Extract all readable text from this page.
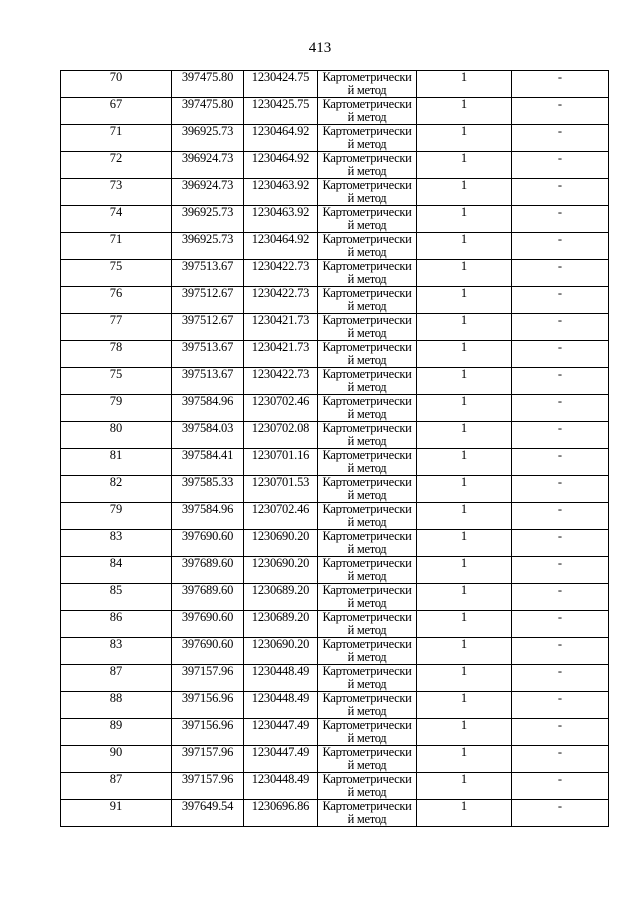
413
70	397475.80	1230424.75	Картометрически
й метод	1	-
67	397475.80	1230425.75	Картометрически
й метод	1	-
71	396925.73	1230464.92	Картометрически
й метод	1	-
72	396924.73	1230464.92	Картометрически
й метод	1	-
73	396924.73	1230463.92	Картометрически
й метод	1	-
74	396925.73	1230463.92	Картометрически
й метод	1	-
71	396925.73	1230464.92	Картометрически
й метод	1	-
75	397513.67	1230422.73	Картометрически
й метод	1	-
76	397512.67	1230422.73	Картометрически
й метод	1	-
77	397512.67	1230421.73	Картометрически
й метод	1	-
78	397513.67	1230421.73	Картометрически
й метод	1	-
75	397513.67	1230422.73	Картометрически
й метод	1	-
79	397584.96	1230702.46	Картометрически
й метод	1	-
80	397584.03	1230702.08	Картометрически
й метод	1	-
81	397584.41	1230701.16	Картометрически
й метод	1	-
82	397585.33	1230701.53	Картометрически
й метод	1	-
79	397584.96	1230702.46	Картометрически
й метод	1	-
83	397690.60	1230690.20	Картометрически
й метод	1	-
84	397689.60	1230690.20	Картометрически
й метод	1	-
85	397689.60	1230689.20	Картометрически
й метод	1	-
86	397690.60	1230689.20	Картометрически
й метод	1	-
83	397690.60	1230690.20	Картометрически
й метод	1	-
87	397157.96	1230448.49	Картометрически
й метод	1	-
88	397156.96	1230448.49	Картометрически
й метод	1	-
89	397156.96	1230447.49	Картометрически
й метод	1	-
90	397157.96	1230447.49	Картометрически
й метод	1	-
87	397157.96	1230448.49	Картометрически
й метод	1	-
91	397649.54	1230696.86	Картометрически
й метод	1	-
